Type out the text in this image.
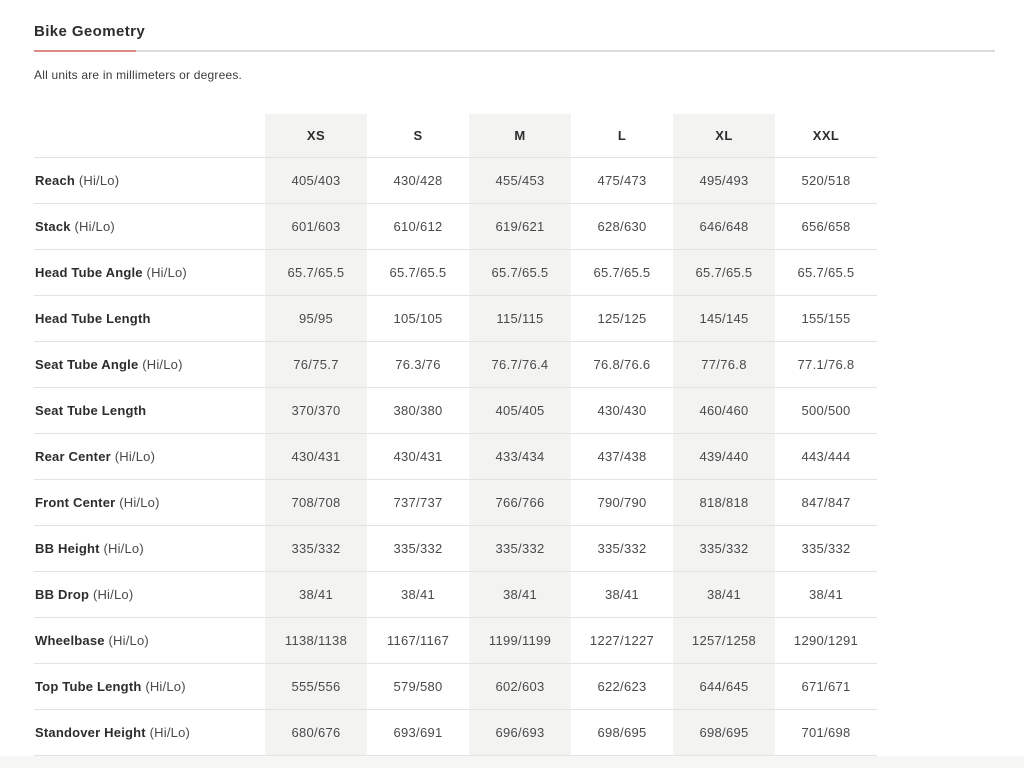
Bike Geometry

All units are in millimeters or degrees.

	XS	S	M	L	XL	XXL
Reach (Hi/Lo)	405/403	430/428	455/453	475/473	495/493	520/518
Stack (Hi/Lo)	601/603	610/612	619/621	628/630	646/648	656/658
Head Tube Angle (Hi/Lo)	65.7/65.5	65.7/65.5	65.7/65.5	65.7/65.5	65.7/65.5	65.7/65.5
Head Tube Length	95/95	105/105	115/115	125/125	145/145	155/155
Seat Tube Angle (Hi/Lo)	76/75.7	76.3/76	76.7/76.4	76.8/76.6	77/76.8	77.1/76.8
Seat Tube Length	370/370	380/380	405/405	430/430	460/460	500/500
Rear Center (Hi/Lo)	430/431	430/431	433/434	437/438	439/440	443/444
Front Center (Hi/Lo)	708/708	737/737	766/766	790/790	818/818	847/847
BB Height (Hi/Lo)	335/332	335/332	335/332	335/332	335/332	335/332
BB Drop (Hi/Lo)	38/41	38/41	38/41	38/41	38/41	38/41
Wheelbase (Hi/Lo)	1138/1138	1167/1167	1199/1199	1227/1227	1257/1258	1290/1291
Top Tube Length (Hi/Lo)	555/556	579/580	602/603	622/623	644/645	671/671
Standover Height (Hi/Lo)	680/676	693/691	696/693	698/695	698/695	701/698
